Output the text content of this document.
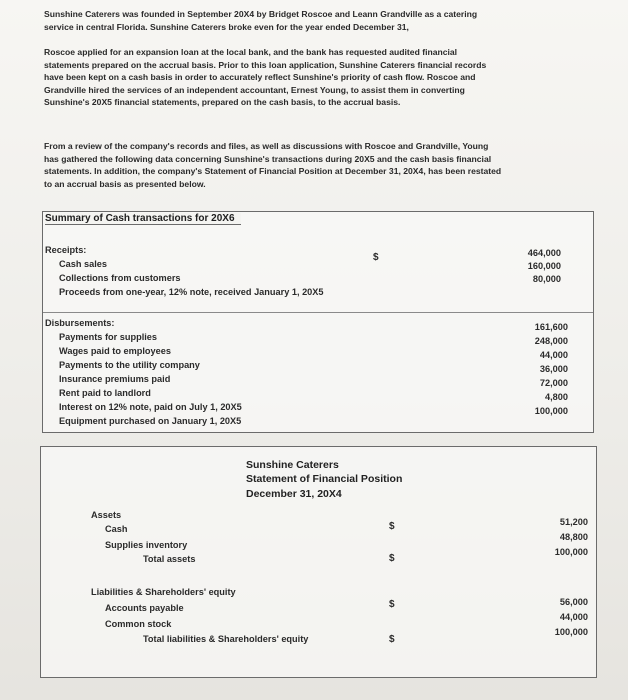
Sunshine Caterers was founded in September 20X4 by Bridget Roscoe and Leann Grandville as a catering service in central Florida. Sunshine Caterers broke even for the year ended December 31,
Roscoe applied for an expansion loan at the local bank, and the bank has requested audited financial statements prepared on the accrual basis. Prior to this loan application, Sunshine Caterers financial records have been kept on a cash basis in order to accurately reflect Sunshine's priority of cash flow. Roscoe and Grandville hired the services of an independent accountant, Ernest Young, to assist them in converting Sunshine's 20X5 financial statements, prepared on the cash basis, to the accrual basis.
From a review of the company's records and files, as well as discussions with Roscoe and Grandville, Young has gathered the following data concerning Sunshine's transactions during 20X5 and the cash basis financial statements. In addition, the company's Statement of Financial Position at December 31, 20X4, has been restated to an accrual basis as presented below.
Summary of Cash transactions for 20X6
Receipts:
$
Cash sales
Collections from customers
Proceeds from one-year, 12% note, received January 1, 20X5
464,000
160,000
80,000
Disbursements:
Payments for supplies
Wages paid to employees
Payments to the utility company
Insurance premiums paid
Rent paid to landlord
Interest on 12% note, paid on July 1, 20X5
Equipment purchased on January 1, 20X5
161,600
248,000
44,000
36,000
72,000
4,800
100,000
Sunshine Caterers
Statement of Financial Position
December 31, 20X4
Assets
Cash
Supplies inventory
Total assets
$
$
51,200
48,800
100,000
Liabilities & Shareholders' equity
Accounts payable
Common stock
Total liabilities & Shareholders' equity
$
$
56,000
44,000
100,000
